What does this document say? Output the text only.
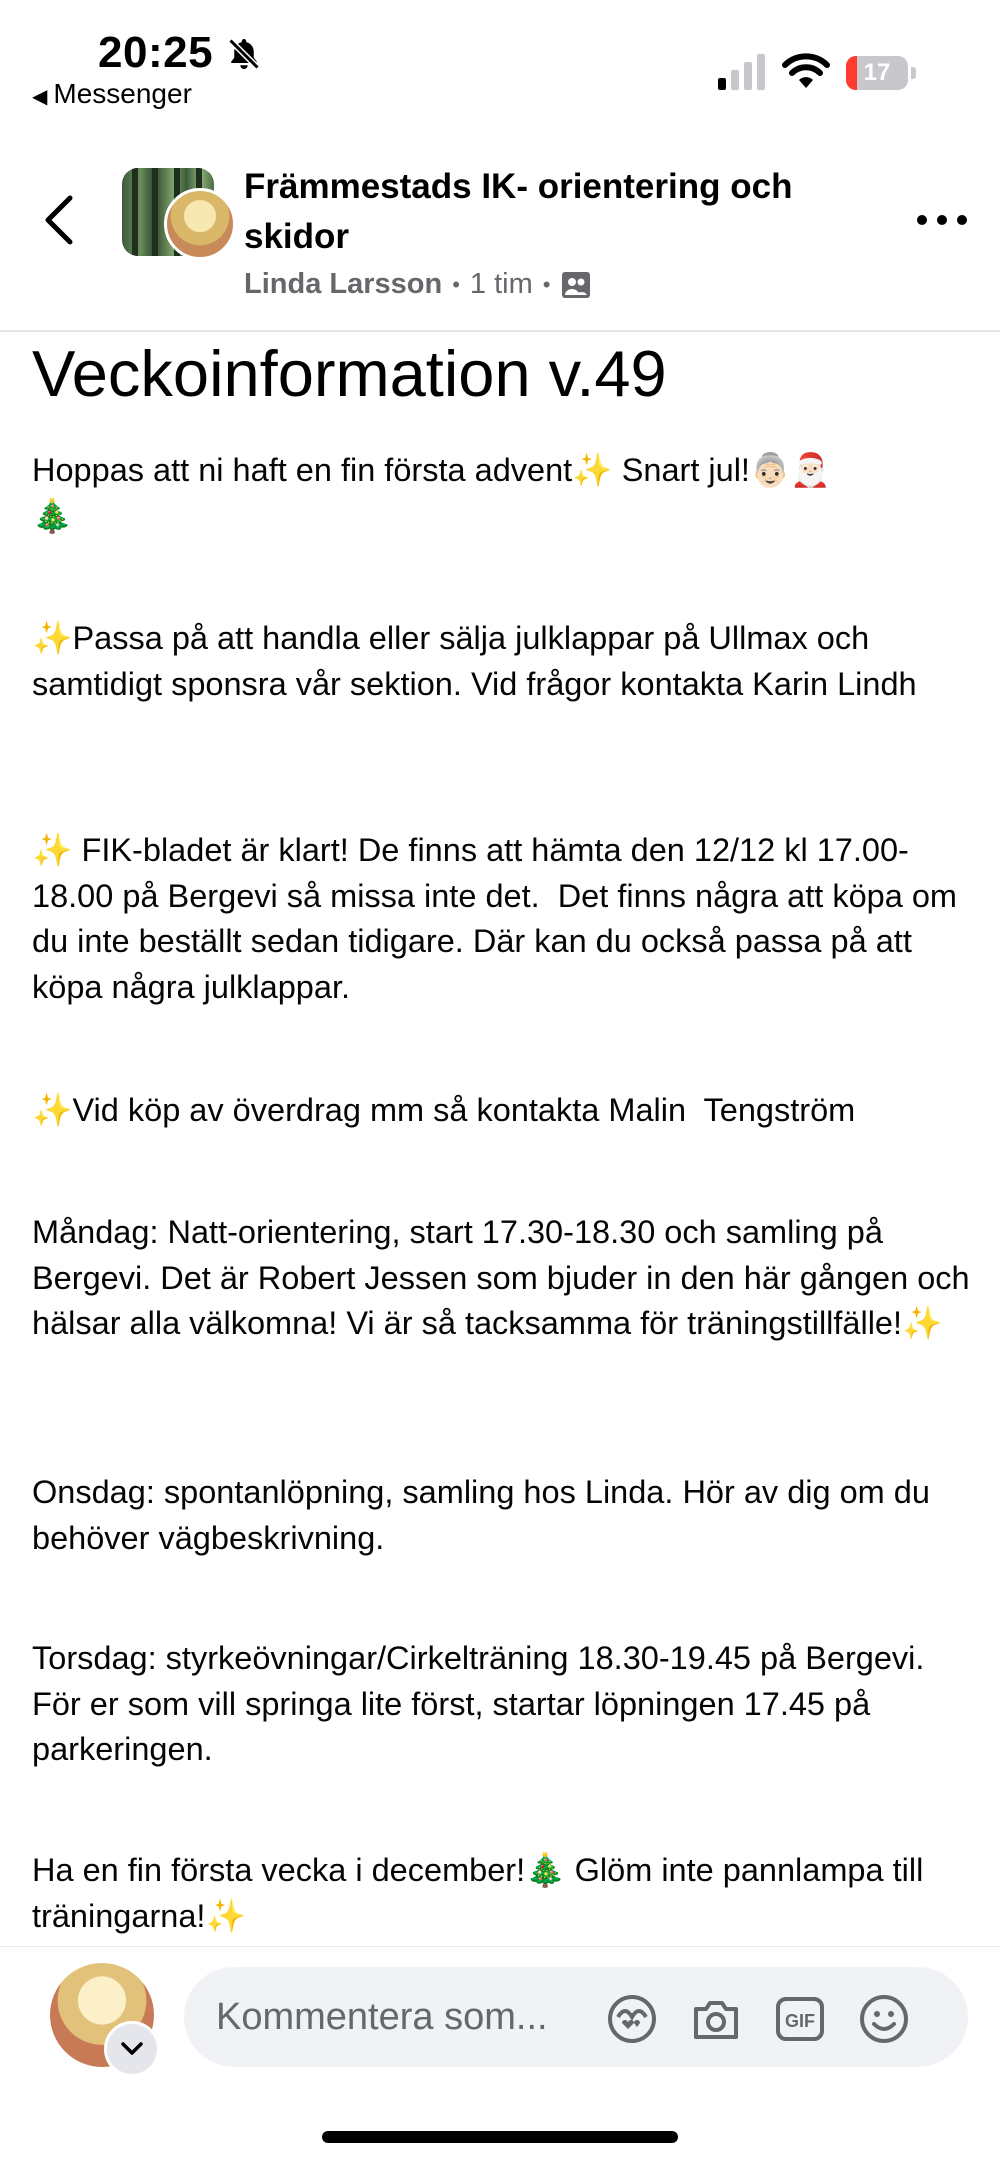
20:25
◀ Messenger
17
Främmestads IK- orientering och skidor
Linda Larsson • 1 tim •
Veckoinformation v.49
Hoppas att ni haft en fin första advent✨ Snart jul!👵🏻🎅🏻
🎄
✨Passa på att handla eller sälja julklappar på Ullmax och samtidigt sponsra vår sektion. Vid frågor kontakta Karin Lindh
✨ FIK-bladet är klart! De finns att hämta den 12/12 kl 17.00-18.00 på Bergevi så missa inte det.  Det finns några att köpa om du inte beställt sedan tidigare. Där kan du också passa på att köpa några julklappar.
✨Vid köp av överdrag mm så kontakta Malin  Tengström
Måndag: Natt-orientering, start 17.30-18.30 och samling på Bergevi. Det är Robert Jessen som bjuder in den här gången och hälsar alla välkomna! Vi är så tacksamma för träningstillfälle!✨
Onsdag: spontanlöpning, samling hos Linda. Hör av dig om du behöver vägbeskrivning.
Torsdag: styrkeövningar/Cirkelträning 18.30-19.45 på Bergevi. För er som vill springa lite först, startar löpningen 17.45 på parkeringen.
Ha en fin första vecka i december!🎄 Glöm inte pannlampa till träningarna!✨
Kommentera som...	GIF
